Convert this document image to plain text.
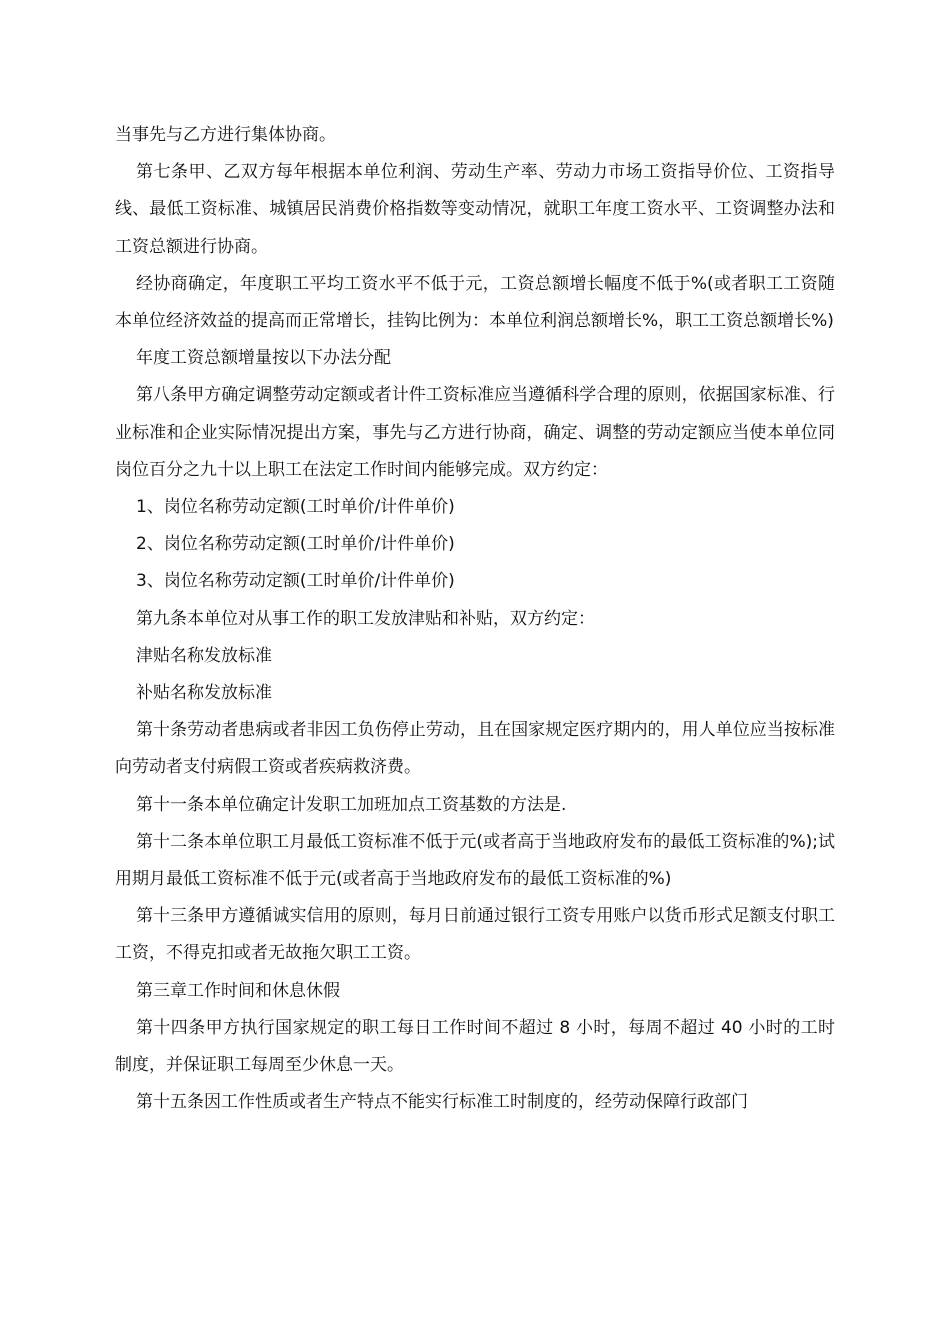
当事先与乙方进行集体协商。

第七条甲、乙双方每年根据本单位利润、劳动生产率、劳动力市场工资指导价位、工资指导线、最低工资标准、城镇居民消费价格指数等变动情况，就职工年度工资水平、工资调整办法和工资总额进行协商。

经协商确定，年度职工平均工资水平不低于元，工资总额增长幅度不低于%(或者职工工资随本单位经济效益的提高而正常增长，挂钩比例为：本单位利润总额增长%，职工工资总额增长%)

年度工资总额增量按以下办法分配

第八条甲方确定调整劳动定额或者计件工资标准应当遵循科学合理的原则，依据国家标准、行业标准和企业实际情况提出方案，事先与乙方进行协商，确定、调整的劳动定额应当使本单位同岗位百分之九十以上职工在法定工作时间内能够完成。双方约定：

1、岗位名称劳动定额(工时单价/计件单价)

2、岗位名称劳动定额(工时单价/计件单价)

3、岗位名称劳动定额(工时单价/计件单价)

第九条本单位对从事工作的职工发放津贴和补贴，双方约定：

津贴名称发放标准

补贴名称发放标准

第十条劳动者患病或者非因工负伤停止劳动，且在国家规定医疗期内的，用人单位应当按标准向劳动者支付病假工资或者疾病救济费。

第十一条本单位确定计发职工加班加点工资基数的方法是.

第十二条本单位职工月最低工资标准不低于元(或者高于当地政府发布的最低工资标准的%);试用期月最低工资标准不低于元(或者高于当地政府发布的最低工资标准的%)

第十三条甲方遵循诚实信用的原则，每月日前通过银行工资专用账户以货币形式足额支付职工工资，不得克扣或者无故拖欠职工工资。

第三章工作时间和休息休假

第十四条甲方执行国家规定的职工每日工作时间不超过 8 小时，每周不超过 40 小时的工时制度，并保证职工每周至少休息一天。

第十五条因工作性质或者生产特点不能实行标准工时制度的，经劳动保障行政部门
